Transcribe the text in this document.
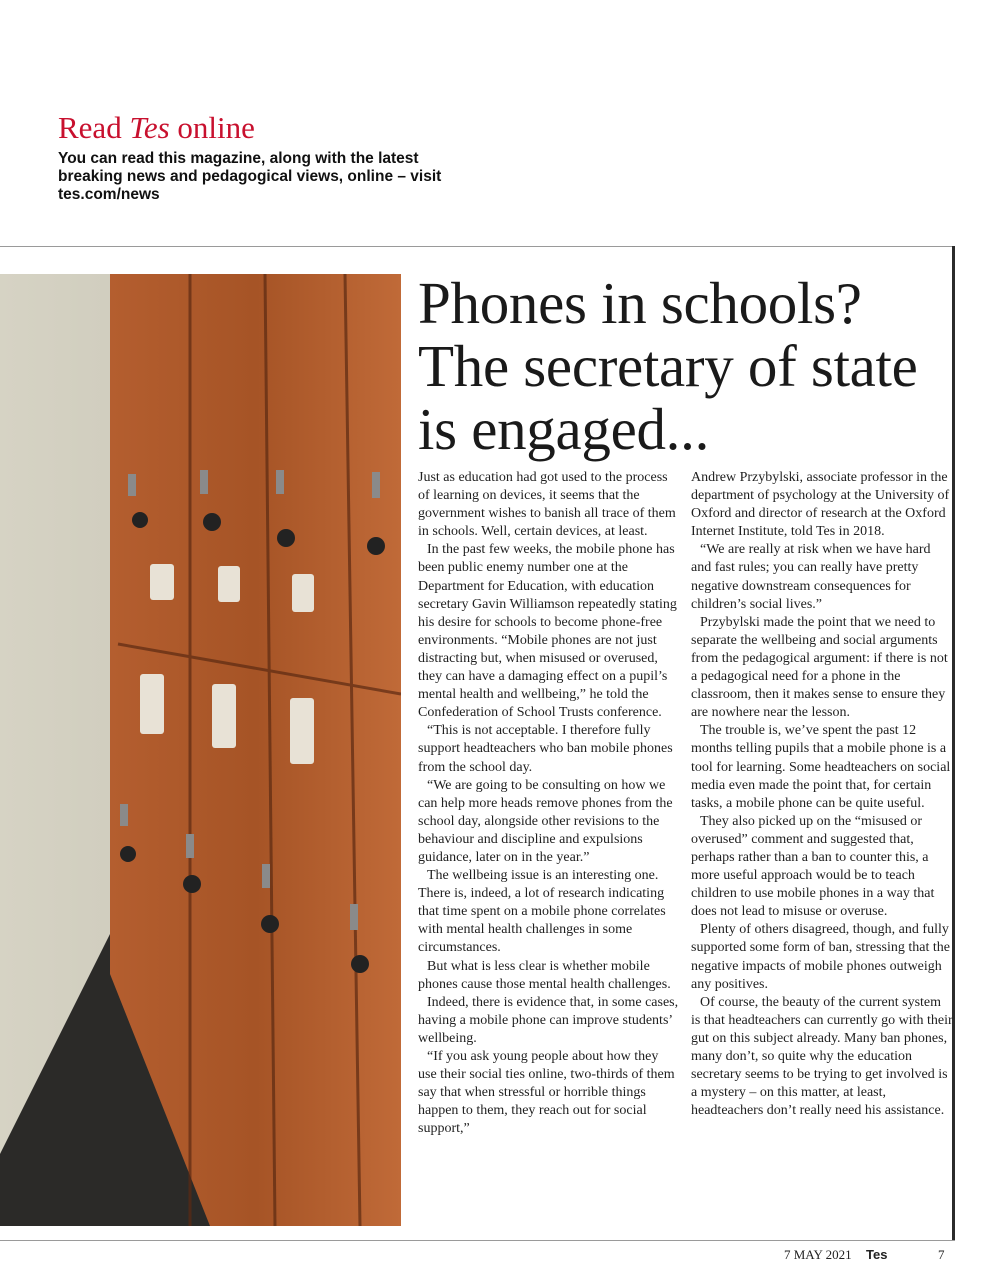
Read Tes online
You can read this magazine, along with the latest breaking news and pedagogical views, online – visit tes.com/news
Phones in schools? The secretary of state is engaged...

Just as education had got used to the process of learning on devices, it seems that the government wishes to banish all trace of them in schools. Well, certain devices, at least.

In the past few weeks, the mobile phone has been public enemy number one at the Department for Education, with education secretary Gavin Williamson repeatedly stating his desire for schools to become phone-free environments. “Mobile phones are not just distracting but, when misused or overused, they can have a damaging effect on a pupil’s mental health and wellbeing,” he told the Confederation of School Trusts conference.

“This is not acceptable. I therefore fully support headteachers who ban mobile phones from the school day.

“We are going to be consulting on how we can help more heads remove phones from the school day, alongside other revisions to the behaviour and discipline and expulsions guidance, later on in the year.”

The wellbeing issue is an interesting one. There is, indeed, a lot of research indicating that time spent on a mobile phone correlates with mental health challenges in some circumstances.

But what is less clear is whether mobile phones cause those mental health challenges.

Indeed, there is evidence that, in some cases, having a mobile phone can improve students’ wellbeing.

“If you ask young people about how they use their social ties online, two-thirds of them say that when stressful or horrible things happen to them, they reach out for social support,”

Andrew Przybylski, associate professor in the department of psychology at the University of Oxford and director of research at the Oxford Internet Institute, told Tes in 2018.

“We are really at risk when we have hard and fast rules; you can really have pretty negative downstream consequences for children’s social lives.”

Przybylski made the point that we need to separate the wellbeing and social arguments from the pedagogical argument: if there is not a pedagogical need for a phone in the classroom, then it makes sense to ensure they are nowhere near the lesson.

The trouble is, we’ve spent the past 12 months telling pupils that a mobile phone is a tool for learning. Some headteachers on social media even made the point that, for certain tasks, a mobile phone can be quite useful.

They also picked up on the “misused or overused” comment and suggested that, perhaps rather than a ban to counter this, a more useful approach would be to teach children to use mobile phones in a way that does not lead to misuse or overuse.

Plenty of others disagreed, though, and fully supported some form of ban, stressing that the negative impacts of mobile phones outweigh any positives.

Of course, the beauty of the current system is that headteachers can currently go with their gut on this subject already. Many ban phones, many don’t, so quite why the education secretary seems to be trying to get involved is a mystery – on this matter, at least, headteachers don’t really need his assistance.

7 MAY 2021 Tes	7
